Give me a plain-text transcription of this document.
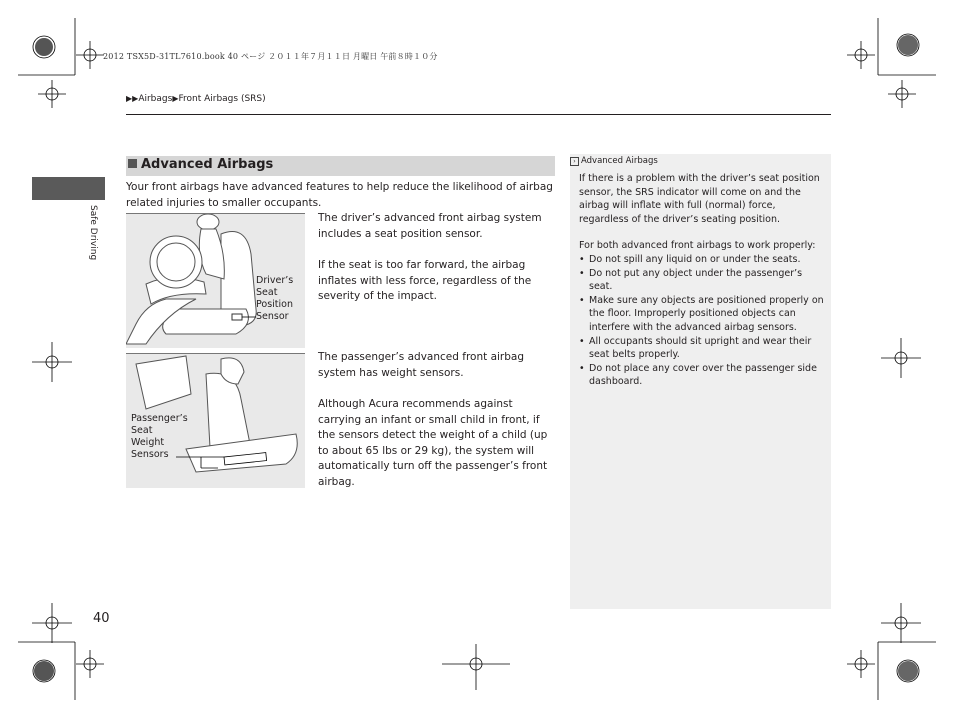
2012 TSX5D-31TL7610.book 40 ページ ２０１１年７月１１日 月曜日 午前８時１０分
▶▶Airbags▶Front Airbags (SRS)
Safe Driving
Advanced Airbags
Your front airbags have advanced features to help reduce the likelihood of airbag related injuries to smaller occupants.
Driver’s
Seat
Position
Sensor
The driver’s advanced front airbag system includes a seat position sensor.
If the seat is too far forward, the airbag inflates with less force, regardless of the severity of the impact.
Passenger’s
Seat
Weight
Sensors
The passenger’s advanced front airbag system has weight sensors.
Although Acura recommends against carrying an infant or small child in front, if the sensors detect the weight of a child (up to about 65 lbs or 29 kg), the system will automatically turn off the passenger’s front airbag.
› Advanced Airbags
If there is a problem with the driver’s seat position sensor, the SRS indicator will come on and the airbag will inflate with full (normal) force, regardless of the driver’s seating position.
For both advanced front airbags to work properly:
• Do not spill any liquid on or under the seats.
• Do not put any object under the passenger’s seat.
• Make sure any objects are positioned properly on the floor. Improperly positioned objects can interfere with the advanced airbag sensors.
• All occupants should sit upright and wear their seat belts properly.
• Do not place any cover over the passenger side dashboard.
40
